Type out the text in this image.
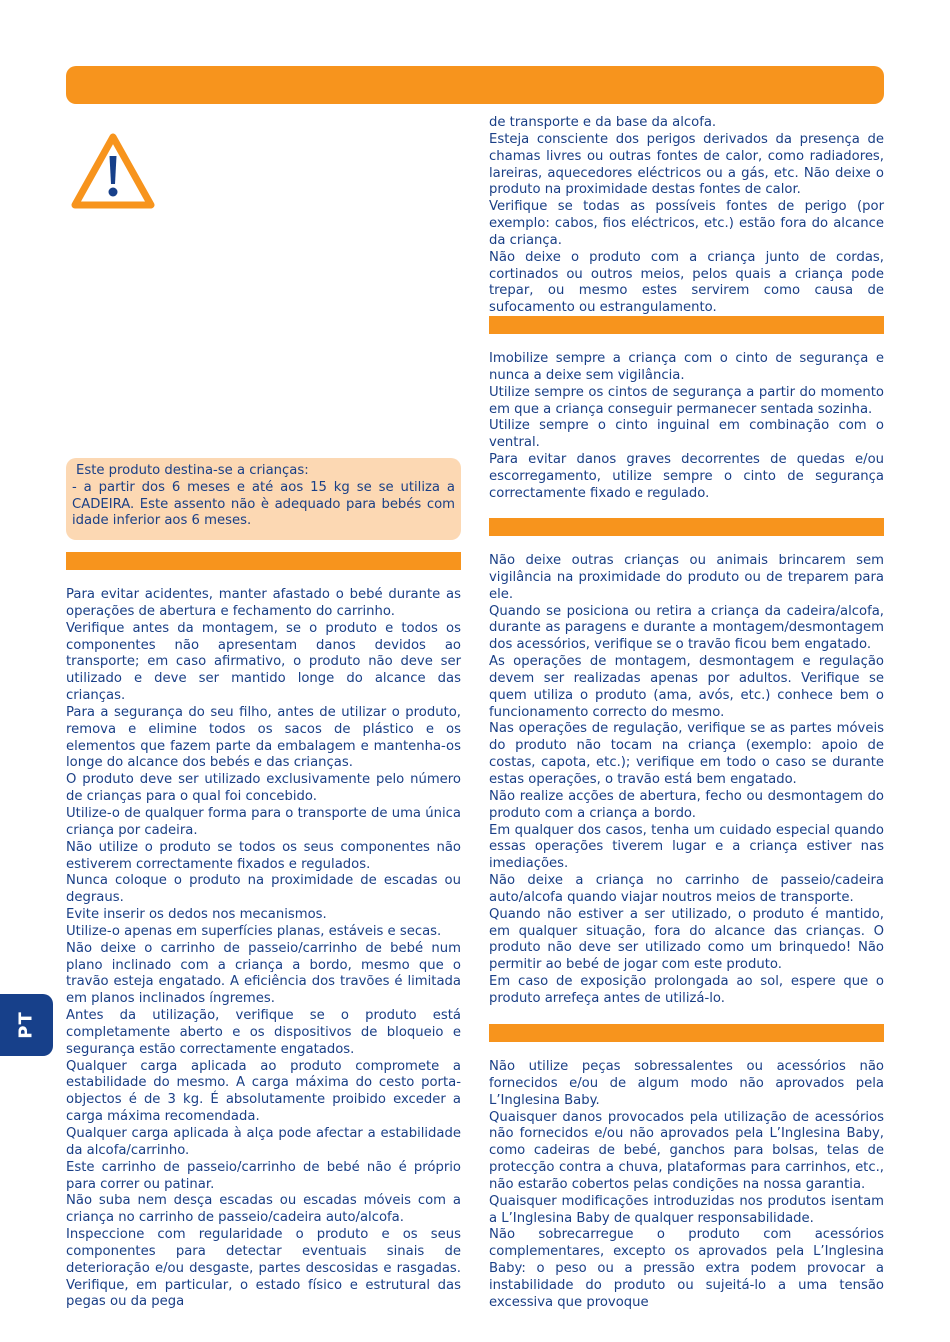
Este produto destina-se a crianças:

- a partir dos 6 meses e até aos 15 kg se se utiliza a CADEIRA. Este assento não è adequado para bebés com idade inferior aos 6 meses.

Para evitar acidentes, manter afastado o bebé durante as operações de abertura e fechamento do carrinho.

Verifique antes da montagem, se o produto e todos os componentes não apresentam danos devidos ao transporte; em caso afirmativo, o produto não deve ser utilizado e deve ser mantido longe do alcance das crianças.

Para a segurança do seu filho, antes de utilizar o produto, remova e elimine todos os sacos de plástico e os elementos que fazem parte da embalagem e mantenha-os longe do alcance dos bebés e das crianças.

O produto deve ser utilizado exclusivamente pelo número de crianças para o qual foi concebido.

Utilize-o de qualquer forma para o transporte de uma única criança por cadeira.

Não utilize o produto se todos os seus componentes não estiverem correctamente fixados e regulados.

Nunca coloque o produto na proximidade de escadas ou degraus.

Evite inserir os dedos nos mecanismos.

Utilize-o apenas em superfícies planas, estáveis e secas.

Não deixe o carrinho de passeio/carrinho de bebé num plano inclinado com a criança a bordo, mesmo que o travão esteja engatado. A eficiência dos travões é limitada em planos inclinados íngremes.

Antes da utilização, verifique se o produto está completamente aberto e os dispositivos de bloqueio e segurança estão correctamente engatados.

Qualquer carga aplicada ao produto compromete a estabilidade do mesmo. A carga máxima do cesto porta-objectos é de 3 kg. É absolutamente proibido exceder a carga máxima recomendada.

Qualquer carga aplicada à alça pode afectar a estabilidade da alcofa/carrinho.

Este carrinho de passeio/carrinho de bebé não é próprio para correr ou patinar.

Não suba nem desça escadas ou escadas móveis com a criança no carrinho de passeio/cadeira auto/alcofa.

Inspeccione com regularidade o produto e os seus componentes para detectar eventuais sinais de deterioração e/ou desgaste, partes descosidas e rasgadas. Verifique, em particular, o estado físico e estrutural das pegas ou da pega

de transporte e da base da alcofa.

Esteja consciente dos perigos derivados da presença de chamas livres ou outras fontes de calor, como radiadores, lareiras, aquecedores eléctricos ou a gás, etc. Não deixe o produto na proximidade destas fontes de calor.

Verifique se todas as possíveis fontes de perigo (por exemplo: cabos, fios eléctricos, etc.) estão fora do alcance da criança.

Não deixe o produto com a criança junto de cordas, cortinados ou outros meios, pelos quais a criança pode trepar, ou mesmo estes servirem como causa de sufocamento ou estrangulamento.

Imobilize sempre a criança com o cinto de segurança e nunca a deixe sem vigilância.

Utilize sempre os cintos de segurança a partir do momento em que a criança conseguir permanecer sentada sozinha.

Utilize sempre o cinto inguinal em combinação com o ventral.

Para evitar danos graves decorrentes de quedas e/ou escorregamento, utilize sempre o cinto de segurança correctamente fixado e regulado.

Não deixe outras crianças ou animais brincarem sem vigilância na proximidade do produto ou de treparem para ele.

Quando se posiciona ou retira a criança da cadeira/alcofa, durante as paragens e durante a montagem/desmontagem dos acessórios, verifique se o travão ficou bem engatado.

As operações de montagem, desmontagem e regulação devem ser realizadas apenas por adultos. Verifique se quem utiliza o produto (ama, avós, etc.) conhece bem o funcionamento correcto do mesmo.

Nas operações de regulação, verifique se as partes móveis do produto não tocam na criança (exemplo: apoio de costas, capota, etc.); verifique em todo o caso se durante estas operações, o travão está bem engatado.

Não realize acções de abertura, fecho ou desmontagem do produto com a criança a bordo.

Em qualquer dos casos, tenha um cuidado especial quando essas operações tiverem lugar e a criança estiver nas imediações.

Não deixe a criança no carrinho de passeio/cadeira auto/alcofa quando viajar noutros meios de transporte.

Quando não estiver a ser utilizado, o produto é mantido, em qualquer situação, fora do alcance das crianças. O produto não deve ser utilizado como um brinquedo! Não permitir ao bebé de jogar com este produto.

Em caso de exposição prolongada ao sol, espere que o produto arrefeça antes de utilizá-lo.

Não utilize peças sobressalentes ou acessórios não fornecidos e/ou de algum modo não aprovados pela L’Inglesina Baby.

Quaisquer danos provocados pela utilização de acessórios não fornecidos e/ou não aprovados pela L’Inglesina Baby, como cadeiras de bebé, ganchos para bolsas, telas de protecção contra a chuva, plataformas para carrinhos, etc., não estarão cobertos pelas condições na nossa garantia.

Quaisquer modificações introduzidas nos produtos isentam a L’Inglesina Baby de qualquer responsabilidade.

Não sobrecarregue o produto com acessórios complementares, excepto os aprovados pela L’Inglesina Baby: o peso ou a pressão extra podem provocar a instabilidade do produto ou sujeitá-lo a uma tensão excessiva que provoque

PT
